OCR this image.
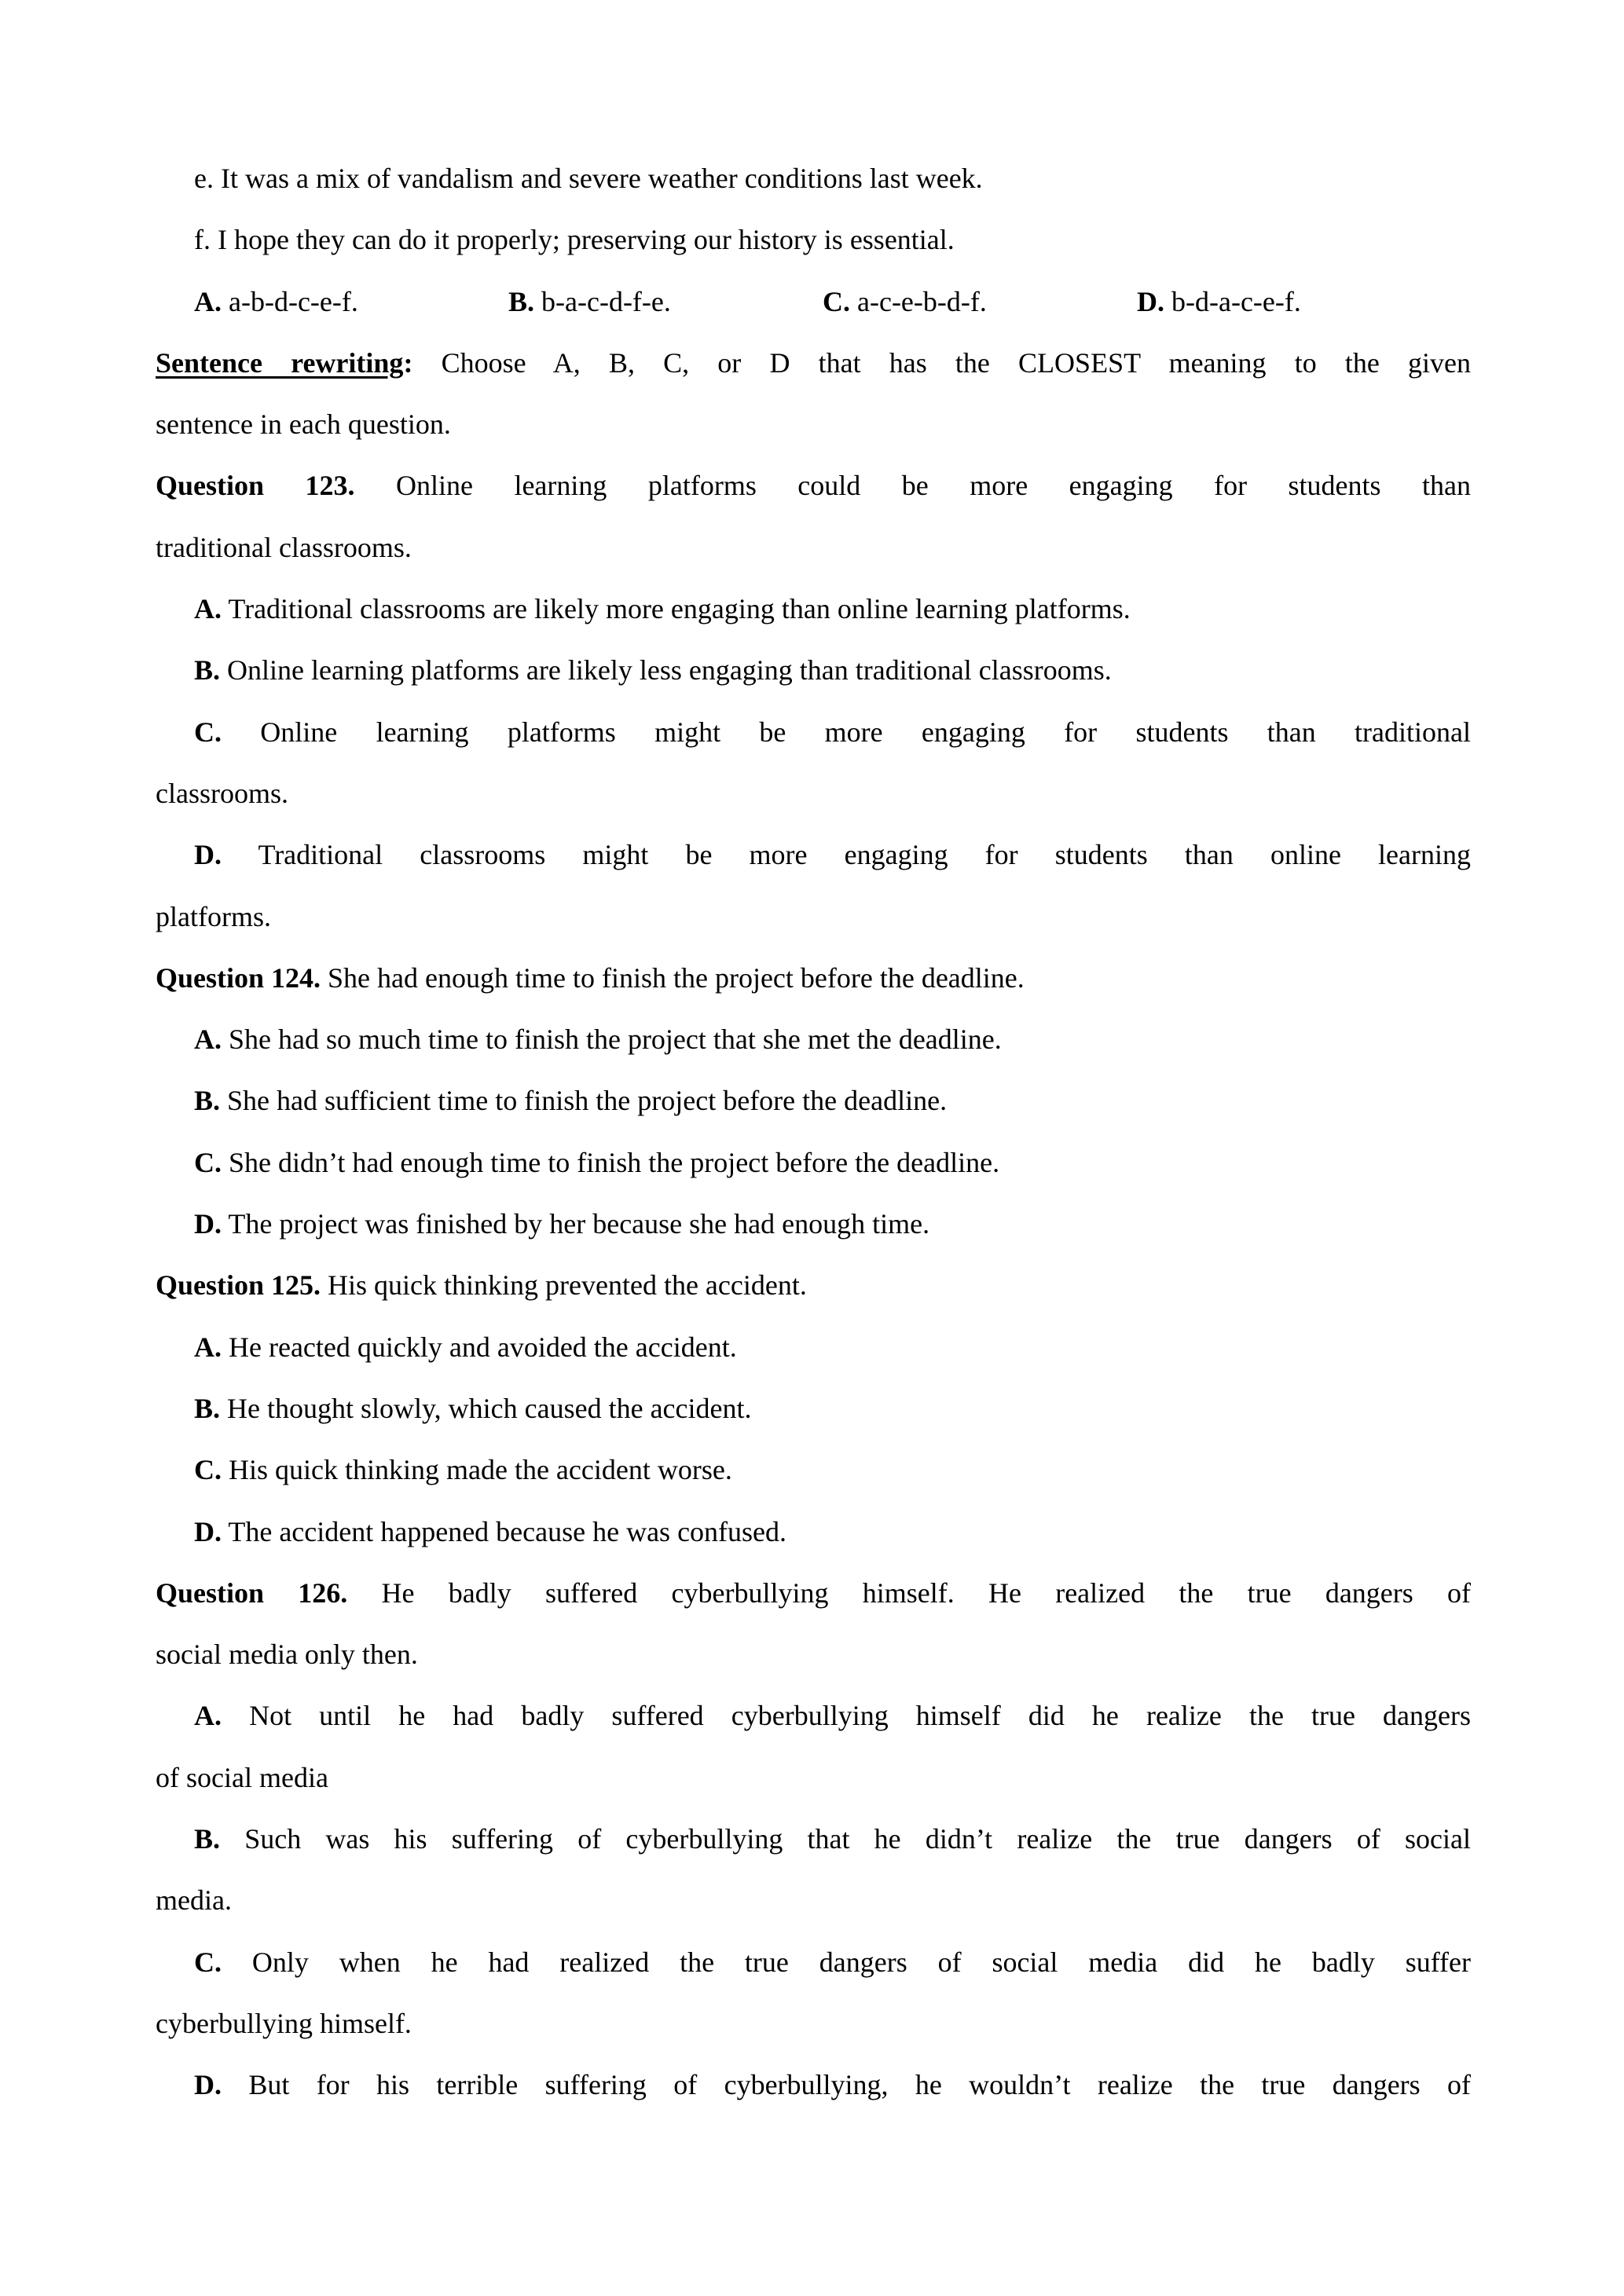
e. It was a mix of vandalism and severe weather conditions last week.
f. I hope they can do it properly; preserving our history is essential.
A. a-b-d-c-e-f.	B. b-a-c-d-f-e.	C. a-c-e-b-d-f.	D. b-d-a-c-e-f.
Sentence rewriting: Choose A, B, C, or D that has the CLOSEST meaning to the given
sentence in each question.
Question 123. Online learning platforms could be more engaging for students than
traditional classrooms.
A. Traditional classrooms are likely more engaging than online learning platforms.
B. Online learning platforms are likely less engaging than traditional classrooms.
C. Online learning platforms might be more engaging for students than traditional
classrooms.
D. Traditional classrooms might be more engaging for students than online learning
platforms.
Question 124. She had enough time to finish the project before the deadline.
A. She had so much time to finish the project that she met the deadline.
B. She had sufficient time to finish the project before the deadline.
C. She didn’t had enough time to finish the project before the deadline.
D. The project was finished by her because she had enough time.
Question 125. His quick thinking prevented the accident.
A. He reacted quickly and avoided the accident.
B. He thought slowly, which caused the accident.
C. His quick thinking made the accident worse.
D. The accident happened because he was confused.
Question 126. He badly suffered cyberbullying himself. He realized the true dangers of
social media only then.
A. Not until he had badly suffered cyberbullying himself did he realize the true dangers
of social media
B. Such was his suffering of cyberbullying that he didn’t realize the true dangers of social
media.
C. Only when he had realized the true dangers of social media did he badly suffer
cyberbullying himself.
D. But for his terrible suffering of cyberbullying, he wouldn’t realize the true dangers of
